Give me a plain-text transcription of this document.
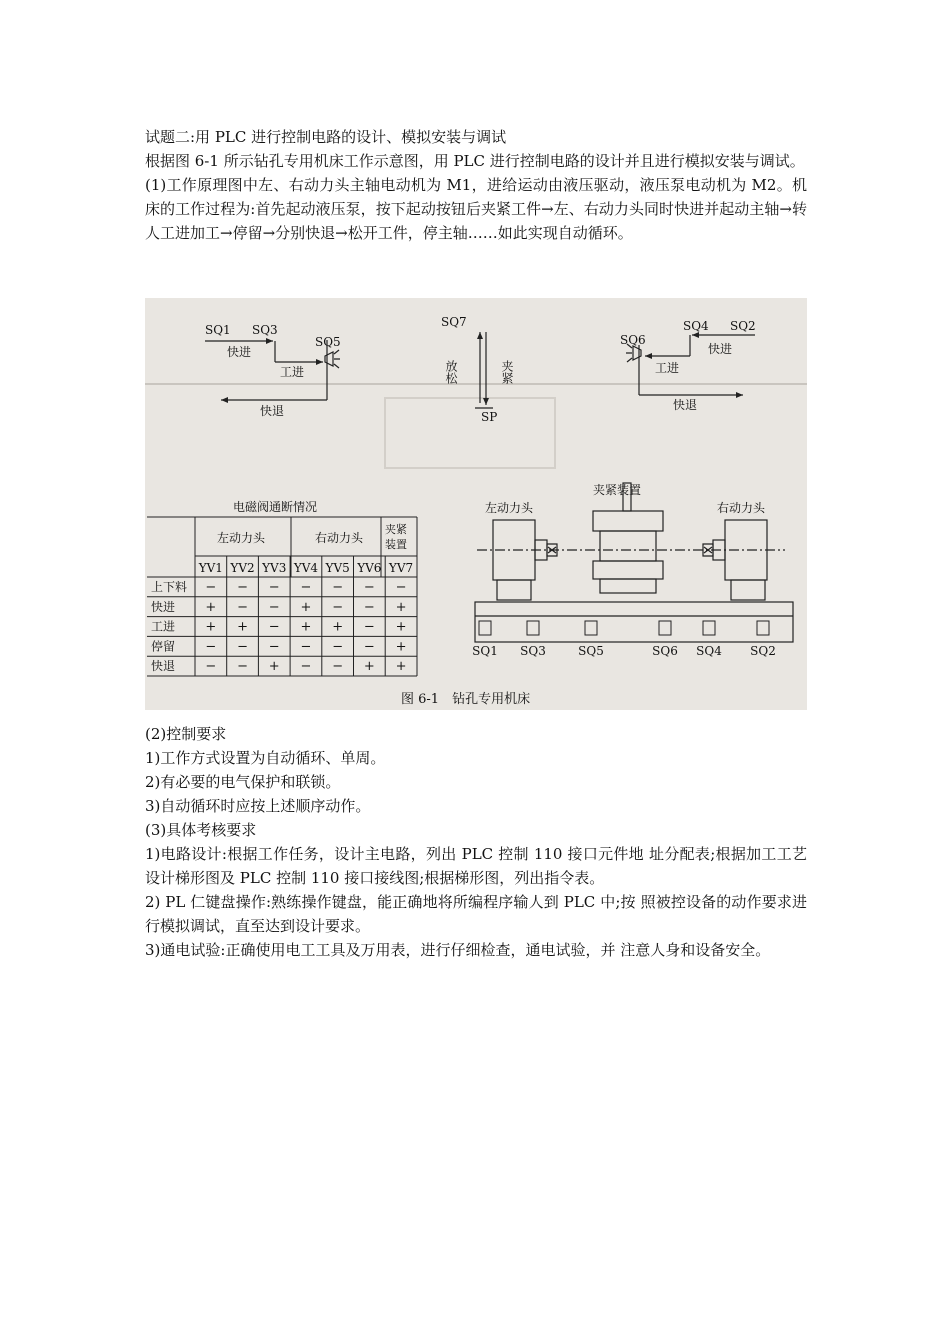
试题二:用 PLC 进行控制电路的设计、模拟安装与调试

根据图 6-1 所示钻孔专用机床工作示意图，用 PLC 进行控制电路的设计并且进行模拟安装与调试。

(1)工作原理图中左、右动力头主轴电动机为 M1，进给运动由液压驱动，液压泵电动机为 M2。机床的工作过程为:首先起动液压泵，按下起动按钮后夹紧工件→左、右动力头同时快进并起动主轴→转人工进加工→停留→分别快退→松开工件，停主轴……如此实现自动循环。

SQ1 SQ3
SQ5
快进
工进
快退
SQ7
SP
放松	夹紧
SQ4 SQ2
SQ6
快进
工进
快退
电磁阀通断情况
左动力头	右动力头
YV1 YV2 YV3 YV4 YV5 YV6 YV7
上下料 − − − − − − −
快进 + − − + − − +
工进 + + − + + − +
停留 − − − − − − +
快退 − − + − − + +
夹紧
装置
左动力头
夹紧装置
右动力头
SQ1 SQ3	SQ5	SQ6 SQ4 SQ2
图 6-1　钻孔专用机床

(2)控制要求

1)工作方式设置为自动循环、单周。

2)有必要的电气保护和联锁。

3)自动循环时应按上述顺序动作。

(3)具体考核要求

1)电路设计:根据工作任务，设计主电路，列出 PLC 控制 110 接口元件地 址分配表;根据加工工艺设计梯形图及 PLC 控制 110 接口接线图;根据梯形图，列出指令表。

2) PL 仁键盘操作:熟练操作键盘，能正确地将所编程序输人到 PLC 中;按 照被控设备的动作要求进行模拟调试，直至达到设计要求。

3)通电试验:正确使用电工工具及万用表，进行仔细检查，通电试验，并 注意人身和设备安全。
